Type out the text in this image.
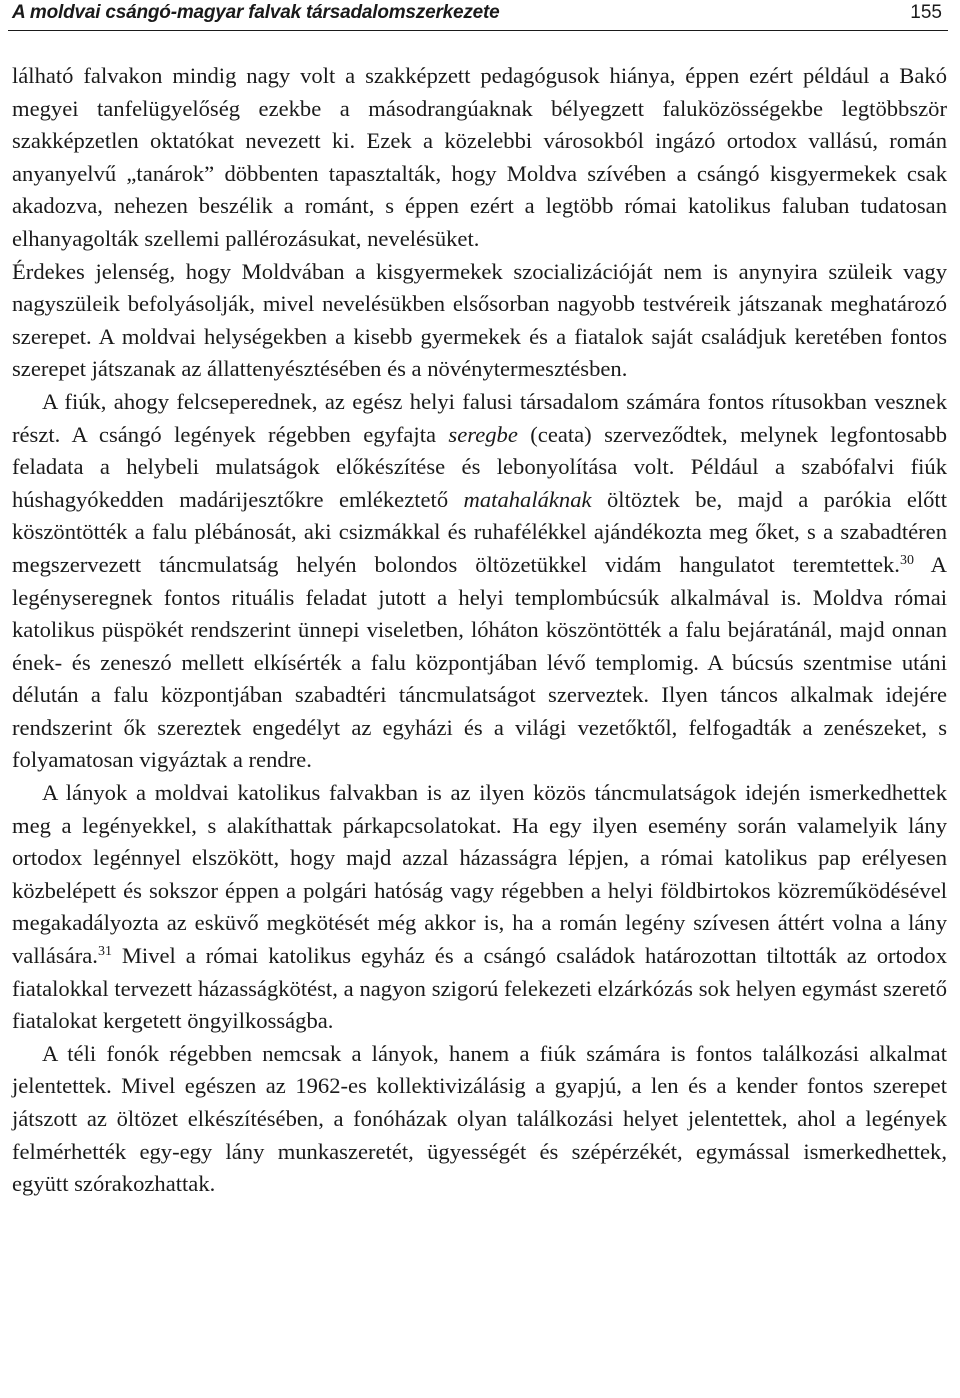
A moldvai csángó-magyar falvak társadalomszerkezete	155

lálható falvakon mindig nagy volt a szakképzett pedagógusok hiánya, éppen ezért például a Bakó megyei tanfelügyelőség ezekbe a másodrangúaknak bélyegzett faluközösségekbe legtöbbször szakképzetlen oktatókat nevezett ki. Ezek a közelebbi városokból ingázó ortodox vallású, román anyanyelvű „tanárok” döbbenten tapasztalták, hogy Moldva szívében a csángó kisgyermekek csak akadozva, nehezen beszélik a románt, s éppen ezért a legtöbb római katolikus faluban tudatosan elhanyagolták szellemi pallérozásukat, nevelésüket.

Érdekes jelenség, hogy Moldvában a kisgyermekek szocializációját nem is anynyira szüleik vagy nagyszüleik befolyásolják, mivel nevelésükben elsősorban nagyobb testvéreik játszanak meghatározó szerepet. A moldvai helységekben a kisebb gyermekek és a fiatalok saját családjuk keretében fontos szerepet játszanak az állattenyésztésében és a növénytermesztésben.

A fiúk, ahogy felcseperednek, az egész helyi falusi társadalom számára fontos rítusokban vesznek részt. A csángó legények régebben egyfajta seregbe (ceata) szerveződtek, melynek legfontosabb feladata a helybeli mulatságok előkészítése és lebonyolítása volt. Például a szabófalvi fiúk húshagyókedden madárijesztőkre emlékeztető matahaláknak öltöztek be, majd a parókia előtt köszöntötték a falu plébánosát, aki csizmákkal és ruhafélékkel ajándékozta meg őket, s a szabadtéren megszervezett táncmulatság helyén bolondos öltözetükkel vidám hangulatot teremtettek.$^{30}$ A legényseregnek fontos rituális feladat jutott a helyi templombúcsúk alkalmával is. Moldva római katolikus püspökét rendszerint ünnepi viseletben, lóháton köszöntötték a falu bejáratánál, majd onnan ének- és zeneszó mellett elkísérték a falu központjában lévő templomig. A búcsús szentmise utáni délután a falu központjában szabadtéri táncmulatságot szerveztek. Ilyen táncos alkalmak idejére rendszerint ők szereztek engedélyt az egyházi és a világi vezetőktől, felfogadták a zenészeket, s folyamatosan vigyáztak a rendre.

A lányok a moldvai katolikus falvakban is az ilyen közös táncmulatságok idején ismerkedhettek meg a legényekkel, s alakíthattak párkapcsolatokat. Ha egy ilyen esemény során valamelyik lány ortodox legénnyel elszökött, hogy majd azzal házasságra lépjen, a római katolikus pap erélyesen közbelépett és sokszor éppen a polgári hatóság vagy régebben a helyi földbirtokos közreműködésével megakadályozta az esküvő megkötését még akkor is, ha a román legény szívesen áttért volna a lány vallására.$^{31}$ Mivel a római katolikus egyház és a csángó családok határozottan tiltották az ortodox fiatalokkal tervezett házasságkötést, a nagyon szigorú felekezeti elzárkózás sok helyen egymást szerető fiatalokat kergetett öngyilkosságba.

A téli fonók régebben nemcsak a lányok, hanem a fiúk számára is fontos találkozási alkalmat jelentettek. Mivel egészen az 1962-es kollektivizálásig a gyapjú, a len és a kender fontos szerepet játszott az öltözet elkészítésében, a fonóházak olyan találkozási helyet jelentettek, ahol a legények felmérhették egy-egy lány munkaszeretét, ügyességét és szépérzékét, egymással ismerkedhettek, együtt szórakozhattak.
